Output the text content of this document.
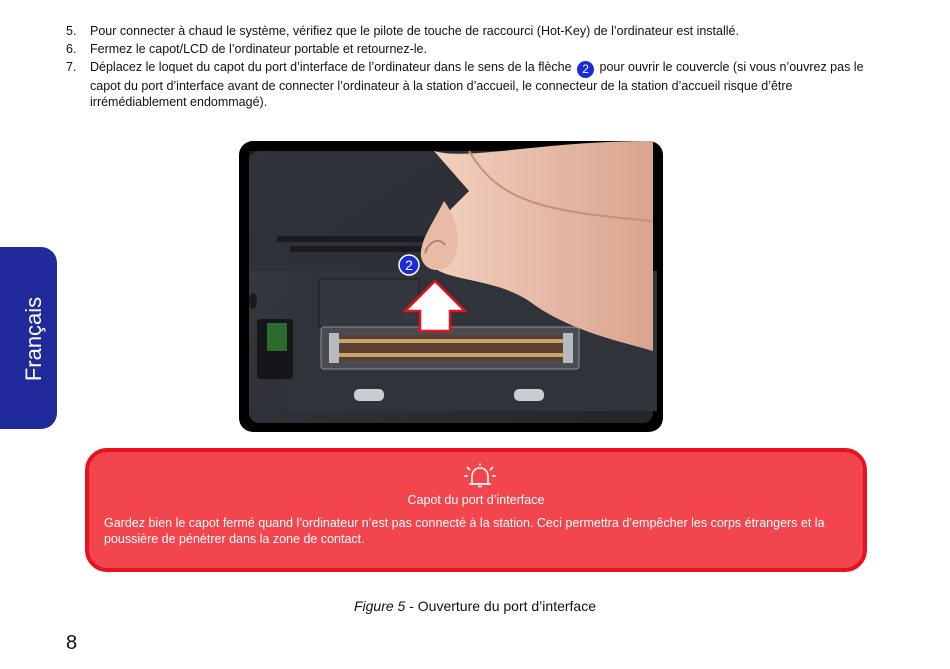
5.	Pour connecter à chaud le système, vérifiez que le pilote de touche de raccourci (Hot-Key) de l’ordinateur est installé.
6.	Fermez le capot/LCD de l’ordinateur portable et retournez-le.
7.	Déplacez le loquet du capot du port d’interface de l’ordinateur dans le sens de la flèche 2 pour ouvrir le couvercle (si vous n’ouvrez pas le capot du port d’interface avant de connecter l’ordinateur à la station d’accueil, le connecteur de la station d’accueil risque d’être irrémédiablement endommagé).
Français
2
Capot du port d’interface
Gardez bien le capot fermé quand l’ordinateur n’est pas connecté à la station. Ceci permettra d’empêcher les corps étrangers et la poussière de pénétrer dans la zone de contact.
Figure 5 - Ouverture du port d’interface
8
